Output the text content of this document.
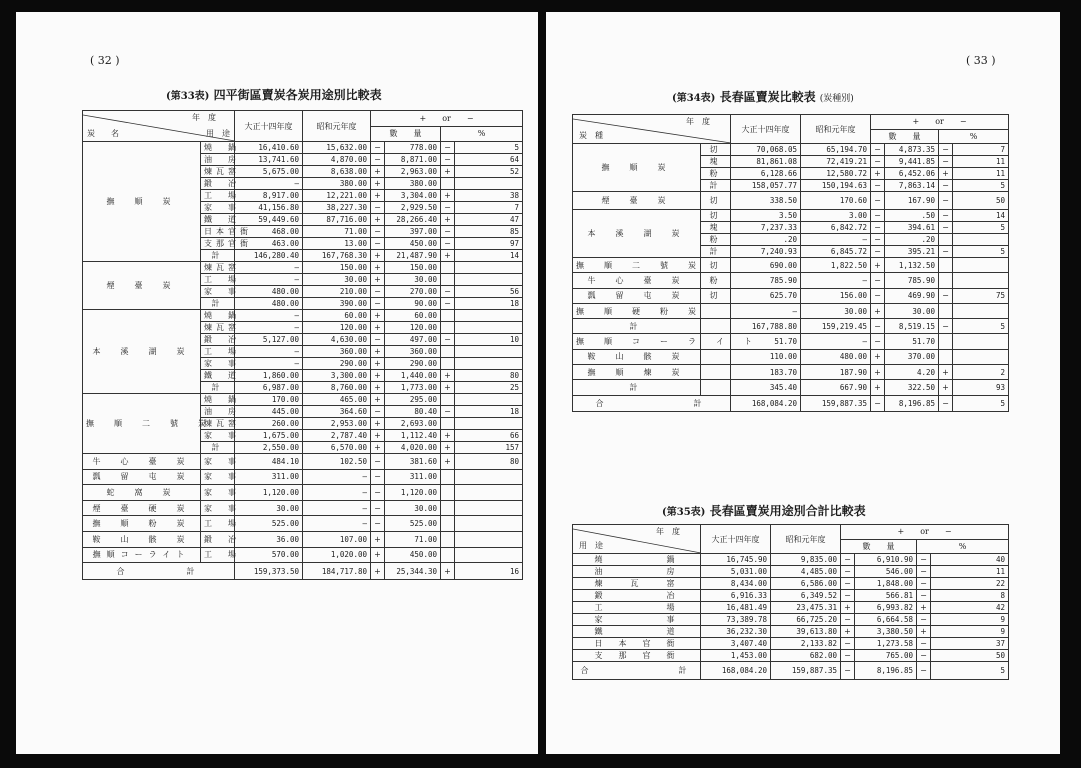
( 32 )
(第33表) 四平街區賣炭各炭用途別比較表
年　度
炭　　名 用　途		大正十四年度	昭和元年度	+　　or　　−			
				數　　量		%	
撫　順　炭	燒　鍋	16,410.60	15,632.00	−	778.00	−	5
	油　房	13,741.60	4,870.00	−	8,871.00	−	64
	煉瓦窰	5,675.00	8,638.00	+	2,963.00	+	52
	鍛　冶	—	380.00	+	380.00		
	工　場	8,917.00	12,221.00	+	3,304.00	+	38
	家　事	41,156.80	38,227.30	−	2,929.50	−	7
	鐵　道	59,449.60	87,716.00	+	28,266.40	+	47
	日本官衙	468.00	71.00	−	397.00	−	85
	支那官衙	463.00	13.00	−	450.00	−	97
	計	146,280.40	167,768.30	+	21,487.90	+	14
煙　臺　炭	煉瓦窰	—	150.00	+	150.00		
	工　場	—	30.00	+	30.00		
	家　事	480.00	210.00	−	270.00	−	56
	計	480.00	390.00	−	90.00	−	18
本　溪　湖　炭	燒　鍋	—	60.00	+	60.00		
	煉瓦窰	—	120.00	+	120.00		
	鍛　冶	5,127.00	4,630.00	−	497.00	−	10
	工　場	—	360.00	+	360.00		
	家　事	—	290.00	+	290.00		
	鐵　道	1,860.00	3,300.00	+	1,440.00	+	80
	計	6,987.00	8,760.00	+	1,773.00	+	25
撫　順　二　號　炭	燒　鍋	170.00	465.00	+	295.00		
	油　房	445.00	364.60	−	80.40	−	18
	煉瓦窰	260.00	2,953.00	+	2,693.00		
	家　事	1,675.00	2,787.40	+	1,112.40	+	66
	計	2,550.00	6,570.00	+	4,020.00	+	157
牛　心　臺　炭	家　事	484.10	102.50	−	381.60	+	80
瓢　留　屯　炭	家　事	311.00	—	−	311.00		
蛇　窩　炭	家　事	1,120.00	—	−	1,120.00		
煙　臺　硬　炭	家　事	30.00	—	−	30.00		
撫　順　粉　炭	工　場	525.00	—	−	525.00		
鞍　山　骸　炭	鍛　冶	36.00	107.00	+	71.00		
撫順コーライト	工　場	570.00	1,020.00	+	450.00		
合　　　　計		159,373.50	184,717.80	+	25,344.30	+	16
( 33 )
(第34表) 長春區賣炭比較表 (炭種別)
年　度
炭　種		大正十四年度	昭和元年度	+　　or　　−			
				數　　量		%	
撫　順　炭	切	70,068.05	65,194.70	−	4,873.35	−	7
	塊	81,861.08	72,419.21	−	9,441.85	−	11
	粉	6,128.66	12,580.72	+	6,452.06	+	11
	計	158,057.77	150,194.63	−	7,863.14	−	5
煙　臺　炭	切	338.50	170.60	−	167.90	−	50
本　溪　湖　炭	切	3.50	3.00	−	.50	−	14
	塊	7,237.33	6,842.72	−	394.61	−	5
	粉	.20	—	−	.20		
	計	7,240.93	6,845.72	−	395.21	−	5
撫　順　二　號　炭	切	690.00	1,822.50	+	1,132.50		
牛　心　臺　炭	粉	785.90	—	−	785.90		
瓢　留　屯　炭	切	625.70	156.00	−	469.90	−	75
撫　順　硬　粉　炭		—	30.00	+	30.00		
計		167,788.80	159,219.45	−	8,519.15	−	5
撫　順　コ　ー　ラ　イ　ト		51.70	—	−	51.70		
鞍　山　骸　炭		110.00	480.00	+	370.00		
撫　順　煉　炭		183.70	187.90	+	4.20	+	2
計		345.40	667.90	+	322.50	+	93
合　　　　　　計		168,084.20	159,887.35	−	8,196.85	−	5
(第35表) 長春區賣炭用途別合計比較表
年　度
用　途	大正十四年度	昭和元年度	+　　or　　−			
			數　　量		%	
燒　　　　　鍋	16,745.90	9,835.00	−	6,910.90	−	40
油　　　　　房	5,031.00	4,485.00	−	546.00	−	11
煉　　瓦　　窰	8,434.00	6,586.00	−	1,848.00	−	22
鍛　　　　　冶	6,916.33	6,349.52	−	566.81	−	8
工　　　　　場	16,481.49	23,475.31	+	6,993.82	+	42
家　　　　　事	73,389.78	66,725.20	−	6,664.58	−	9
鐵　　　　　道	36,232.30	39,613.80	+	3,380.50	+	9
日　本　官　衙	3,407.40	2,133.82	−	1,273.58	−	37
支　那　官　衙	1,453.00	682.00	−	765.00	−	50
合　　　　　　計	168,084.20	159,887.35	−	8,196.85	−	5
